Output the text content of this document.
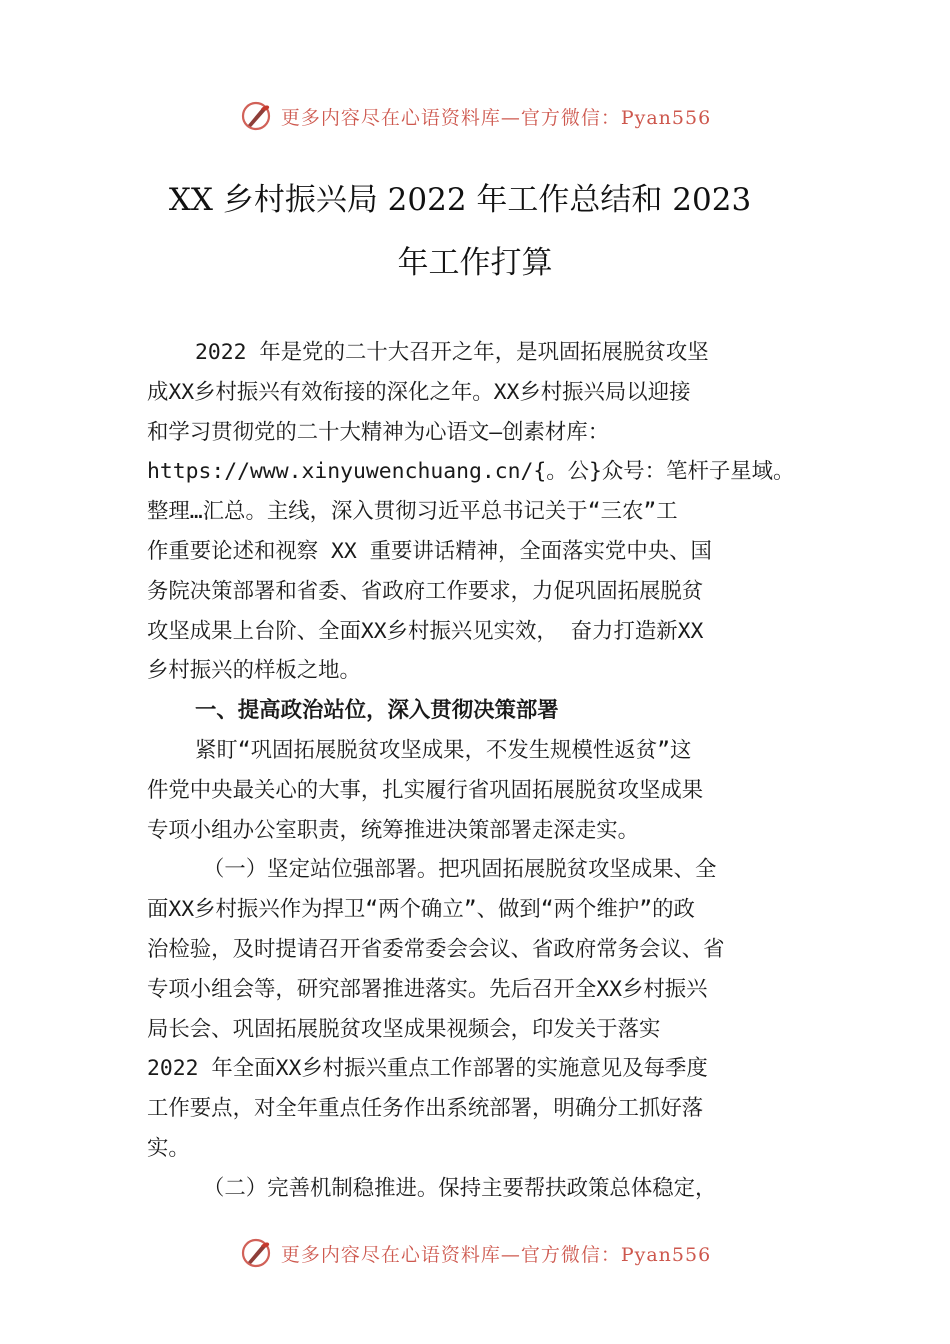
更多内容尽在心语资料库—官方微信：Pyan556
XX 乡村振兴局 2022 年工作总结和 2023
年工作打算
2022 年是党的二十大召开之年，是巩固拓展脱贫攻坚
成XX乡村振兴有效衔接的深化之年。XX乡村振兴局以迎接
和学习贯彻党的二十大精神为心语文—创素材库：
https://www.xinyuwenchuang.cn/{。公}众号：笔杆子星域。
整理…汇总。主线，深入贯彻习近平总书记关于“三农”工
作重要论述和视察 XX 重要讲话精神，全面落实党中央、国
务院决策部署和省委、省政府工作要求，力促巩固拓展脱贫
攻坚成果上台阶、全面XX乡村振兴见实效， 奋力打造新XX
乡村振兴的样板之地。
一、提高政治站位，深入贯彻决策部署
紧盯“巩固拓展脱贫攻坚成果，不发生规模性返贫”这
件党中央最关心的大事，扎实履行省巩固拓展脱贫攻坚成果
专项小组办公室职责，统筹推进决策部署走深走实。
（一）坚定站位强部署。把巩固拓展脱贫攻坚成果、全
面XX乡村振兴作为捍卫“两个确立”、做到“两个维护”的政
治检验，及时提请召开省委常委会会议、省政府常务会议、省
专项小组会等，研究部署推进落实。先后召开全XX乡村振兴
局长会、巩固拓展脱贫攻坚成果视频会，印发关于落实
2022 年全面XX乡村振兴重点工作部署的实施意见及每季度
工作要点，对全年重点任务作出系统部署，明确分工抓好落
实。
（二）完善机制稳推进。保持主要帮扶政策总体稳定，
更多内容尽在心语资料库—官方微信：Pyan556
